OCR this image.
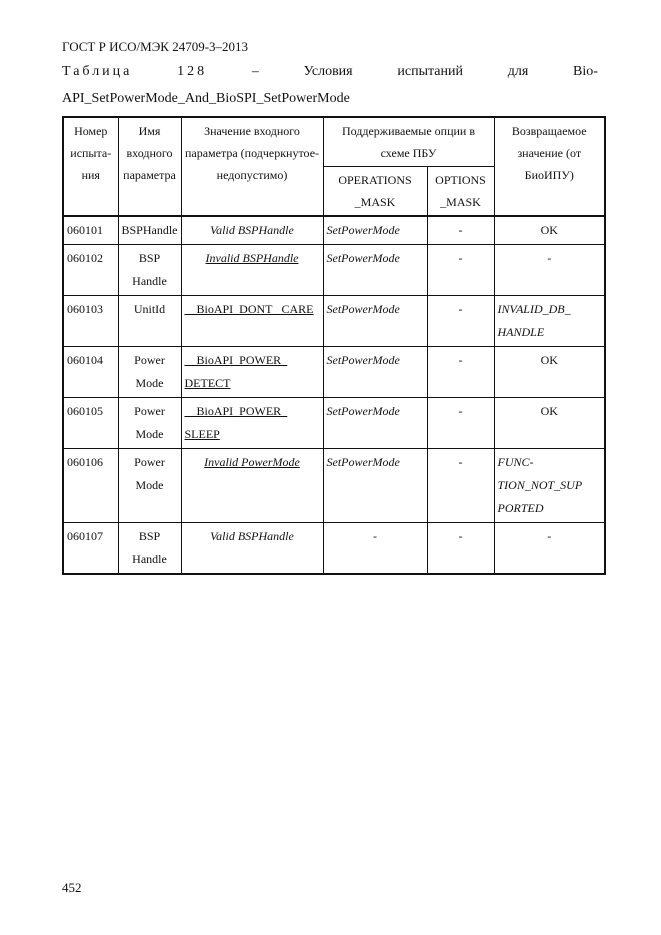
ГОСТ Р ИСО/МЭК 24709-3–2013
Таблица	128	–	Условия	испытаний	для	Bio-
API_SetPowerMode_And_BioSPI_SetPowerMode
Номер испыта-ния	Имя входного параметра	Значение входного параметра (подчеркнутое-недопустимо)	Поддерживаемые опции в схеме ПБУ		Возвращаемое значение (от БиоИПУ)
			OPERATIONS _MASK	OPTIONS _MASK	
060101	BSPHandle	Valid BSPHandle	SetPowerMode	-	OK
060102	BSP Handle	Invalid BSPHandle	SetPowerMode	-	-
060103	UnitId	__BioAPI_DONT_ CARE	SetPowerMode	-	INVALID_DB_ HANDLE
060104	Power Mode	__BioAPI_POWER_ DETECT	SetPowerMode	-	OK
060105	Power Mode	__BioAPI_POWER_ SLEEP	SetPowerMode	-	OK
060106	Power Mode	Invalid PowerMode	SetPowerMode	-	FUNC-TION_NOT_SUP PORTED
060107	BSP Handle	Valid BSPHandle	-	-	-
452
